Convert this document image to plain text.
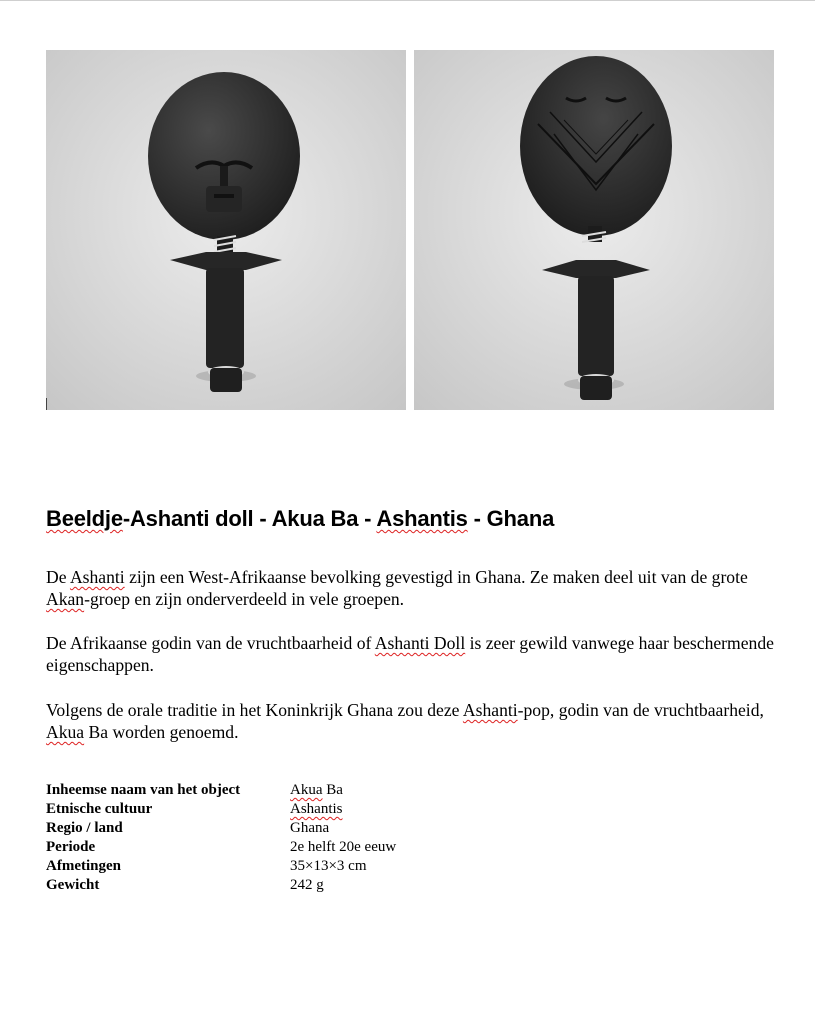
Beeldje-Ashanti doll - Akua Ba - Ashantis - Ghana

De Ashanti zijn een West-Afrikaanse bevolking gevestigd in Ghana. Ze maken deel uit van de grote Akan-groep en zijn onderverdeeld in vele groepen.

De Afrikaanse godin van de vruchtbaarheid of Ashanti Doll is zeer gewild vanwege haar beschermende eigenschappen.

Volgens de orale traditie in het Koninkrijk Ghana zou deze Ashanti-pop, godin van de vruchtbaarheid, Akua Ba worden genoemd.

Inheemse naam van het object	Akua Ba
Etnische cultuur	Ashantis
Regio / land	Ghana
Periode	2e helft 20e eeuw
Afmetingen	35×13×3 cm
Gewicht	242 g
